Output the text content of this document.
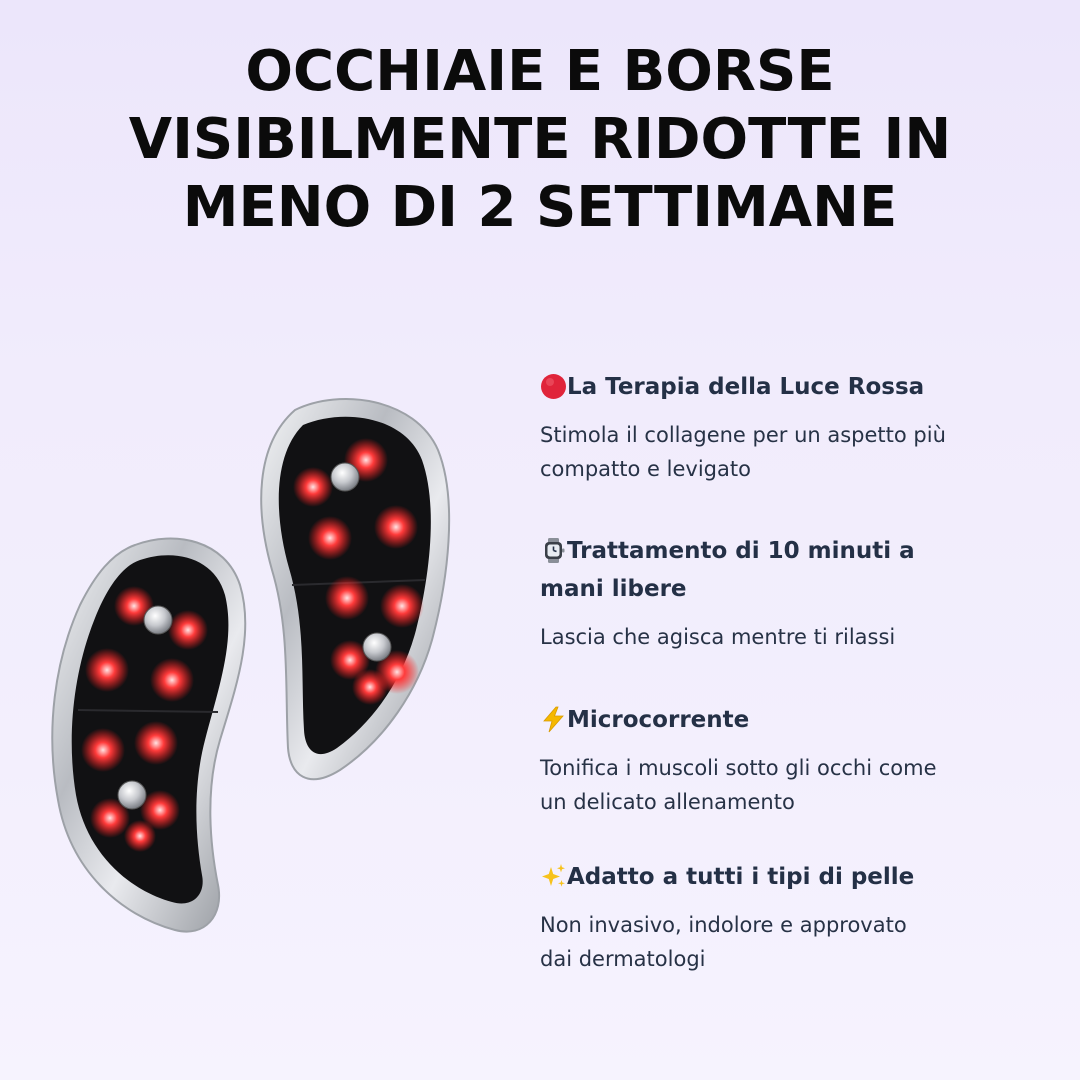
OCCHIAIE E BORSE
VISIBILMENTE RIDOTTE IN
MENO DI 2 SETTIMANE
La Terapia della Luce Rossa
Stimola il collagene per un aspetto più
compatto e levigato
Trattamento di 10 minuti a
mani libere
Lascia che agisca mentre ti rilassi
Microcorrente
Tonifica i muscoli sotto gli occhi come
un delicato allenamento
Adatto a tutti i tipi di pelle
Non invasivo, indolore e approvato
dai dermatologi
